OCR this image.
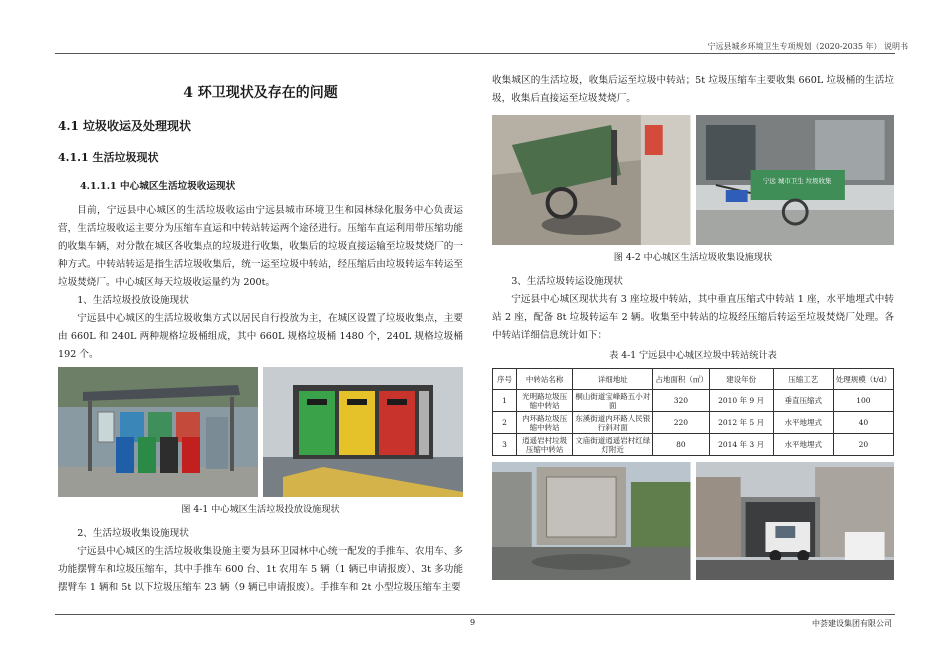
宁远县城乡环境卫生专项规划（2020-2035 年） 说明书
4 环卫现状及存在的问题
4.1 垃圾收运及处理现状
4.1.1 生活垃圾现状
4.1.1.1 中心城区生活垃圾收运现状

目前，宁远县中心城区的生活垃圾收运由宁远县城市环境卫生和园林绿化服务中心负责运营，生活垃圾收运主要分为压缩车直运和中转站转运两个途径进行。压缩车直运利用带压缩功能的收集车辆，对分散在城区各收集点的垃圾进行收集，收集后的垃圾直接运输至垃圾焚烧厂的一种方式。中转站转运是指生活垃圾收集后，统一运至垃圾中转站，经压缩后由垃圾转运车转运至垃圾焚烧厂。中心城区每天垃圾收运量约为 200t。

1、生活垃圾投放设施现状

宁远县中心城区的生活垃圾收集方式以居民自行投放为主，在城区设置了垃圾收集点，主要由 660L 和 240L 两种规格垃圾桶组成，其中 660L 规格垃圾桶 1480 个，240L 规格垃圾桶 192 个。

图 4-1 中心城区生活垃圾投放设施现状

2、生活垃圾收集设施现状

宁远县中心城区的生活垃圾收集设施主要为县环卫园林中心统一配发的手推车、农用车、多功能摆臂车和垃圾压缩车，其中手推车 600 台、1t 农用车 5 辆（1 辆已申请报废）、3t 多功能摆臂车 1 辆和 5t 以下垃圾压缩车 23 辆（9 辆已申请报废）。手推车和 2t 小型垃圾压缩车主要

收集城区的生活垃圾，收集后运至垃圾中转站；5t 垃圾压缩车主要收集 660L 垃圾桶的生活垃圾，收集后直接运至垃圾焚烧厂。

宁远 城市卫生 垃圾收集
图 4-2 中心城区生活垃圾收集设施现状

3、生活垃圾转运设施现状

宁远县中心城区现状共有 3 座垃圾中转站，其中垂直压缩式中转站 1 座，水平地埋式中转站 2 座，配备 8t 垃圾转运车 2 辆。收集至中转站的垃圾经压缩后转运至垃圾焚烧厂处理。各中转站详细信息统计如下：

表 4-1 宁远县中心城区垃圾中转站统计表
序号	中转站名称	详细地址	占地面积（㎡）	建设年份	压缩工艺	处理规模（t/d）
1	光明路垃圾压缩中转站	桐山街道宝峰路五小对面	320	2010 年 9 月	垂直压缩式	100
2	内环路垃圾压缩中转站	东溪街道内环路人民银行斜对面	220	2012 年 5 月	水平地埋式	40
3	逍遥岩村垃圾压缩中转站	文庙街道逍遥岩村红绿灯附近	80	2014 年 3 月	水平地埋式	20
9	中荟建设集团有限公司
